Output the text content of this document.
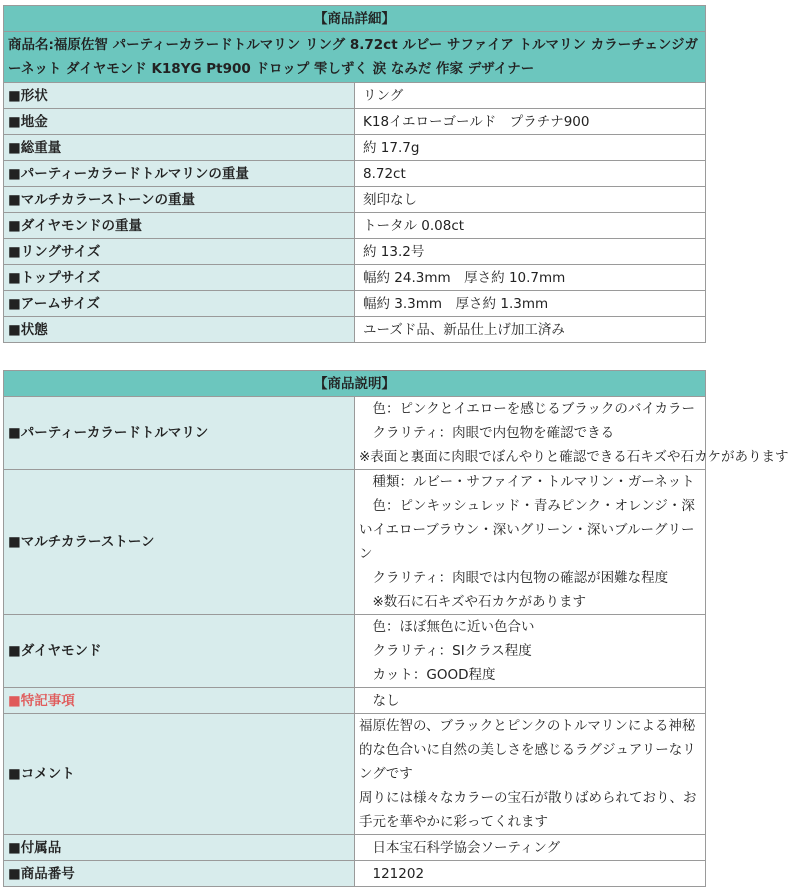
【商品詳細】	
商品名:福原佐智 パーティーカラードトルマリン リング 8.72ct ルビー サファイア トルマリン カラーチェンジガーネット ダイヤモンド K18YG Pt900 ドロップ 雫しずく 涙 なみだ 作家 デザイナー	
■ 形状	リング
■ 地金	K18イエローゴールド　プラチナ900
■ 総重量	約 17.7g
■ パーティーカラードトルマリンの重量	8.72ct
■ マルチカラーストーンの重量	刻印なし
■ ダイヤモンドの重量	トータル 0.08ct
■ リングサイズ	約 13.2号
■ トップサイズ	幅約 24.3mm　厚さ約 10.7mm
■ アームサイズ	幅約 3.3mm　厚さ約 1.3mm
■ 状態	ユーズド品、新品仕上げ加工済み
【商品説明】	
■ パーティーカラードトルマリン	　色：ピンクとイエローを感じるブラックのバイカラー
　クラリティ：肉眼で内包物を確認できる
※表面と裏面に肉眼でぼんやりと確認できる石キズや石カケがあります

■ マルチカラーストーン	　種類：ルビー・サファイア・トルマリン・ガーネット
　色：ピンキッシュレッド・青みピンク・オレンジ・深いイエローブラウン・深いグリーン・深いブルーグリーン
　クラリティ：肉眼では内包物の確認が困難な程度
　※数石に石キズや石カケがあります

■ ダイヤモンド	　色：ほぼ無色に近い色合い
　クラリティ：SIクラス程度
　カット：GOOD程度

■ 特記事項	　なし
■ コメント	福原佐智の、ブラックとピンクのトルマリンによる神秘的な色合いに自然の美しさを感じるラグジュアリーなリングです
周りには様々なカラーの宝石が散りばめられており、お手元を華やかに彩ってくれます
■ 付属品	　日本宝石科学協会ソーティング
■ 商品番号	　121202
